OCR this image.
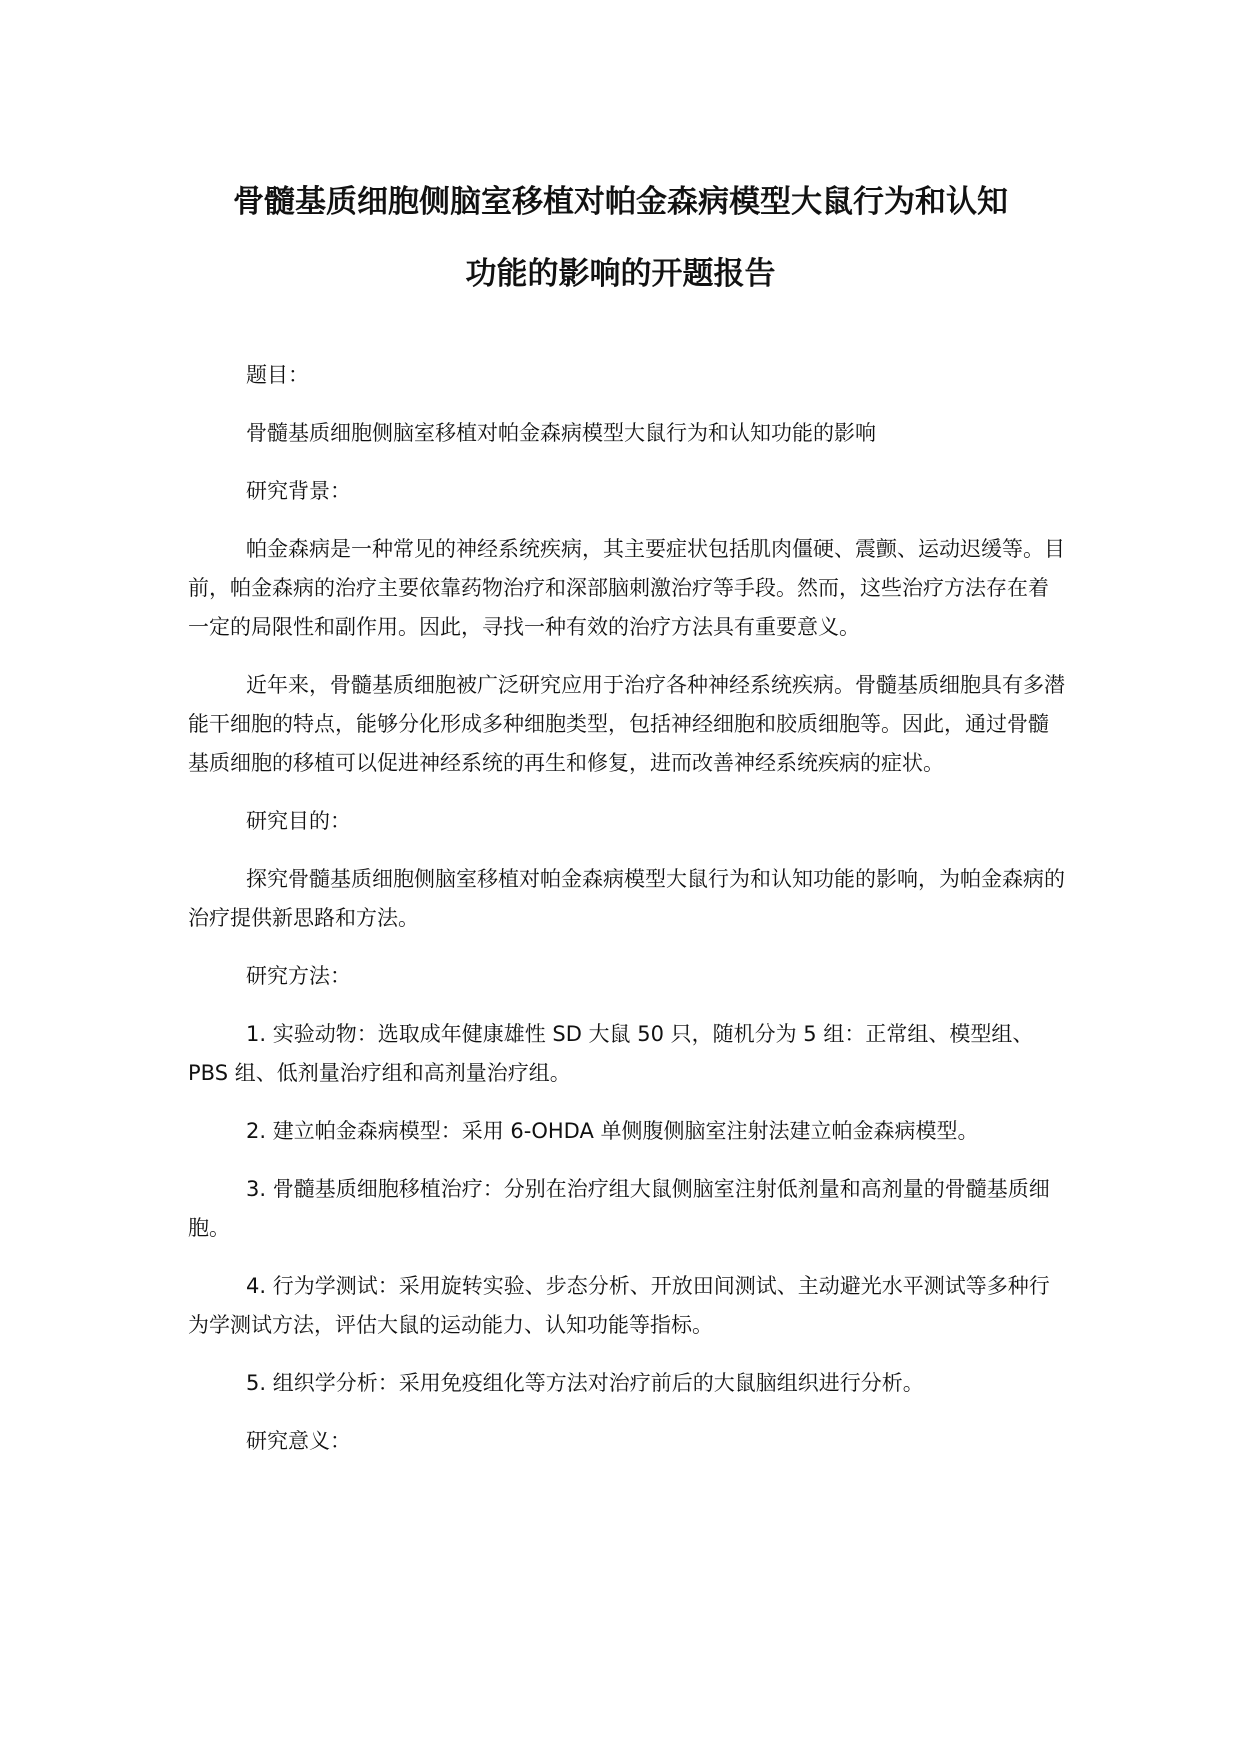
骨髓基质细胞侧脑室移植对帕金森病模型大鼠行为和认知
功能的影响的开题报告

题目：

骨髓基质细胞侧脑室移植对帕金森病模型大鼠行为和认知功能的影响

研究背景：

帕金森病是一种常见的神经系统疾病，其主要症状包括肌肉僵硬、震颤、运动迟缓等。目前，帕金森病的治疗主要依靠药物治疗和深部脑刺激治疗等手段。然而，这些治疗方法存在着一定的局限性和副作用。因此，寻找一种有效的治疗方法具有重要意义。

近年来，骨髓基质细胞被广泛研究应用于治疗各种神经系统疾病。骨髓基质细胞具有多潜能干细胞的特点，能够分化形成多种细胞类型，包括神经细胞和胶质细胞等。因此，通过骨髓基质细胞的移植可以促进神经系统的再生和修复，进而改善神经系统疾病的症状。

研究目的：

探究骨髓基质细胞侧脑室移植对帕金森病模型大鼠行为和认知功能的影响，为帕金森病的治疗提供新思路和方法。

研究方法：

1. 实验动物：选取成年健康雄性 SD 大鼠 50 只，随机分为 5 组：正常组、模型组、PBS 组、低剂量治疗组和高剂量治疗组。

2. 建立帕金森病模型：采用 6-OHDA 单侧腹侧脑室注射法建立帕金森病模型。

3. 骨髓基质细胞移植治疗：分别在治疗组大鼠侧脑室注射低剂量和高剂量的骨髓基质细胞。

4. 行为学测试：采用旋转实验、步态分析、开放田间测试、主动避光水平测试等多种行为学测试方法，评估大鼠的运动能力、认知功能等指标。

5. 组织学分析：采用免疫组化等方法对治疗前后的大鼠脑组织进行分析。

研究意义：
